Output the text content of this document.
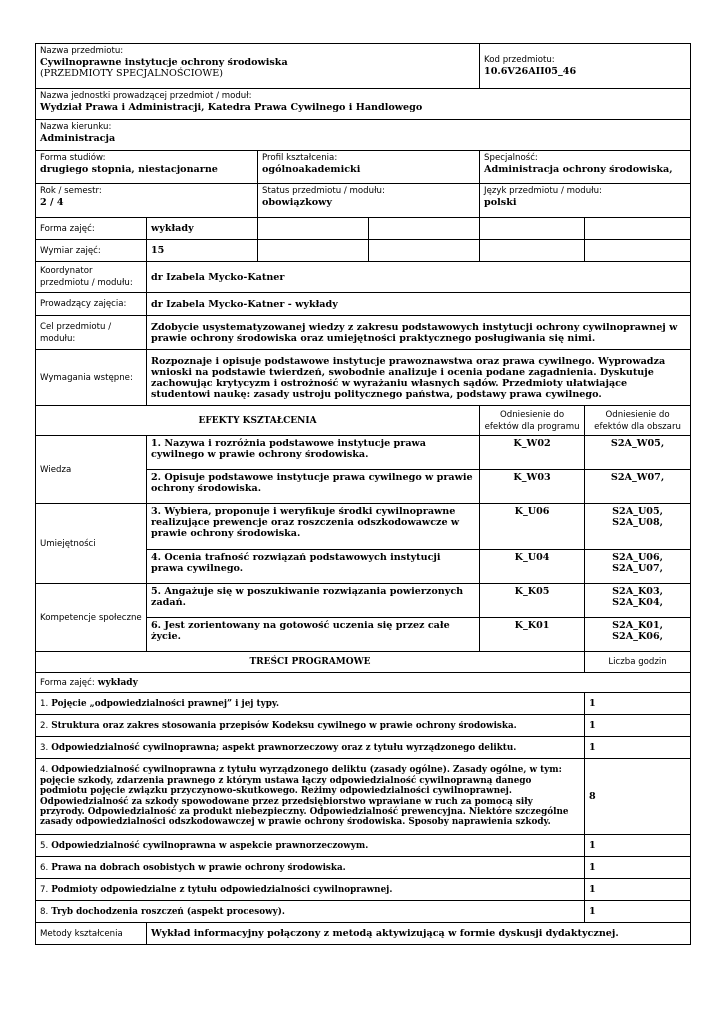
Nazwa przedmiotu:
Cywilnoprawne instytucje ochrony środowiska
(PRZEDMIOTY SPECJALNOŚCIOWE)				Kod przedmiotu:
10.6V26AII05_46	

Nazwa jednostki prowadzącej przedmiot / moduł:
Wydział Prawa i Administracji, Katedra Prawa Cywilnego i Handlowego					

Nazwa kierunku:
Administracja					

Forma studiów:
drugiego stopnia, niestacjonarne		Profil kształcenia:
ogólnoakademicki		Specjalność:
Administracja ochrony środowiska,	

Rok / semestr:
2 / 4		Status przedmiotu / modułu:
obowiązkowy		Język przedmiotu / modułu:
polski	

Forma zajęć:	wykłady				
Wymiar zajęć:	15				
Koordynator przedmiotu / modułu:	dr Izabela Mycko-Katner				
Prowadzący zajęcia:	dr Izabela Mycko-Katner - wykłady				
Cel przedmiotu / modułu:	Zdobycie usystematyzowanej wiedzy z zakresu podstawowych instytucji ochrony cywilnoprawnej w prawie ochrony środowiska oraz umiejętności praktycznego posługiwania się nimi.				
Wymagania wstępne:	Rozpoznaje i opisuje podstawowe instytucje prawoznawstwa oraz prawa cywilnego. Wyprowadza wnioski na podstawie twierdzeń, swobodnie analizuje i ocenia podane zagadnienia. Dyskutuje zachowując krytycyzm i ostrożność w wyrażaniu własnych sądów. Przedmioty ułatwiające studentowi naukę: zasady ustroju politycznego państwa, podstawy prawa cywilnego.				
EFEKTY KSZTAŁCENIA				Odniesienie do efektów dla programu	Odniesienie do efektów dla obszaru
Wiedza	1. Nazywa i rozróżnia podstawowe instytucje prawa cywilnego w prawie ochrony środowiska.			K_W02	S2A_W05,
	2. Opisuje podstawowe instytucje prawa cywilnego w prawie ochrony środowiska.			K_W03	S2A_W07,
Umiejętności	3. Wybiera, proponuje i weryfikuje środki cywilnoprawne realizujące prewencje oraz roszczenia odszkodowawcze w prawie ochrony środowiska.			K_U06	S2A_U05,
S2A_U08,

	4. Ocenia trafność rozwiązań podstawowych instytucji prawa cywilnego.			K_U04	S2A_U06,
S2A_U07,

Kompetencje społeczne	5. Angażuje się w poszukiwanie rozwiązania powierzonych zadań.			K_K05	S2A_K03,
S2A_K04,

	6. Jest zorientowany na gotowość uczenia się przez całe życie.			K_K01	S2A_K01,
S2A_K06,

TREŚCI PROGRAMOWE					Liczba godzin
Forma zajęć: wykłady					
1. Pojęcie „odpowiedzialności prawnej” i jej typy.					1
2. Struktura oraz zakres stosowania przepisów Kodeksu cywilnego w prawie ochrony środowiska.					1
3. Odpowiedzialność cywilnoprawna; aspekt prawnorzeczowy oraz z tytułu wyrządzonego deliktu.					1
4. Odpowiedzialność cywilnoprawna z tytułu wyrządzonego deliktu (zasady ogólne). Zasady ogólne, w tym: pojęcie szkody, zdarzenia prawnego z którym ustawa łączy odpowiedzialność cywilnoprawną danego podmiotu pojęcie związku przyczynowo-skutkowego. Reżimy odpowiedzialności cywilnoprawnej. Odpowiedzialność za szkody spowodowane przez przedsiębiorstwo wprawiane w ruch za pomocą siły przyrody. Odpowiedzialność za produkt niebezpieczny. Odpowiedzialność prewencyjna. Niektóre szczególne zasady odpowiedzialności odszkodowawczej w prawie ochrony środowiska. Sposoby naprawienia szkody.					8
5. Odpowiedzialność cywilnoprawna w aspekcie prawnorzeczowym.					1
6. Prawa na dobrach osobistych w prawie ochrony środowiska.					1
7. Podmioty odpowiedzialne z tytułu odpowiedzialności cywilnoprawnej.					1
8. Tryb dochodzenia roszczeń (aspekt procesowy).					1
Metody kształcenia	Wykład informacyjny połączony z metodą aktywizującą w formie dyskusji dydaktycznej.				
